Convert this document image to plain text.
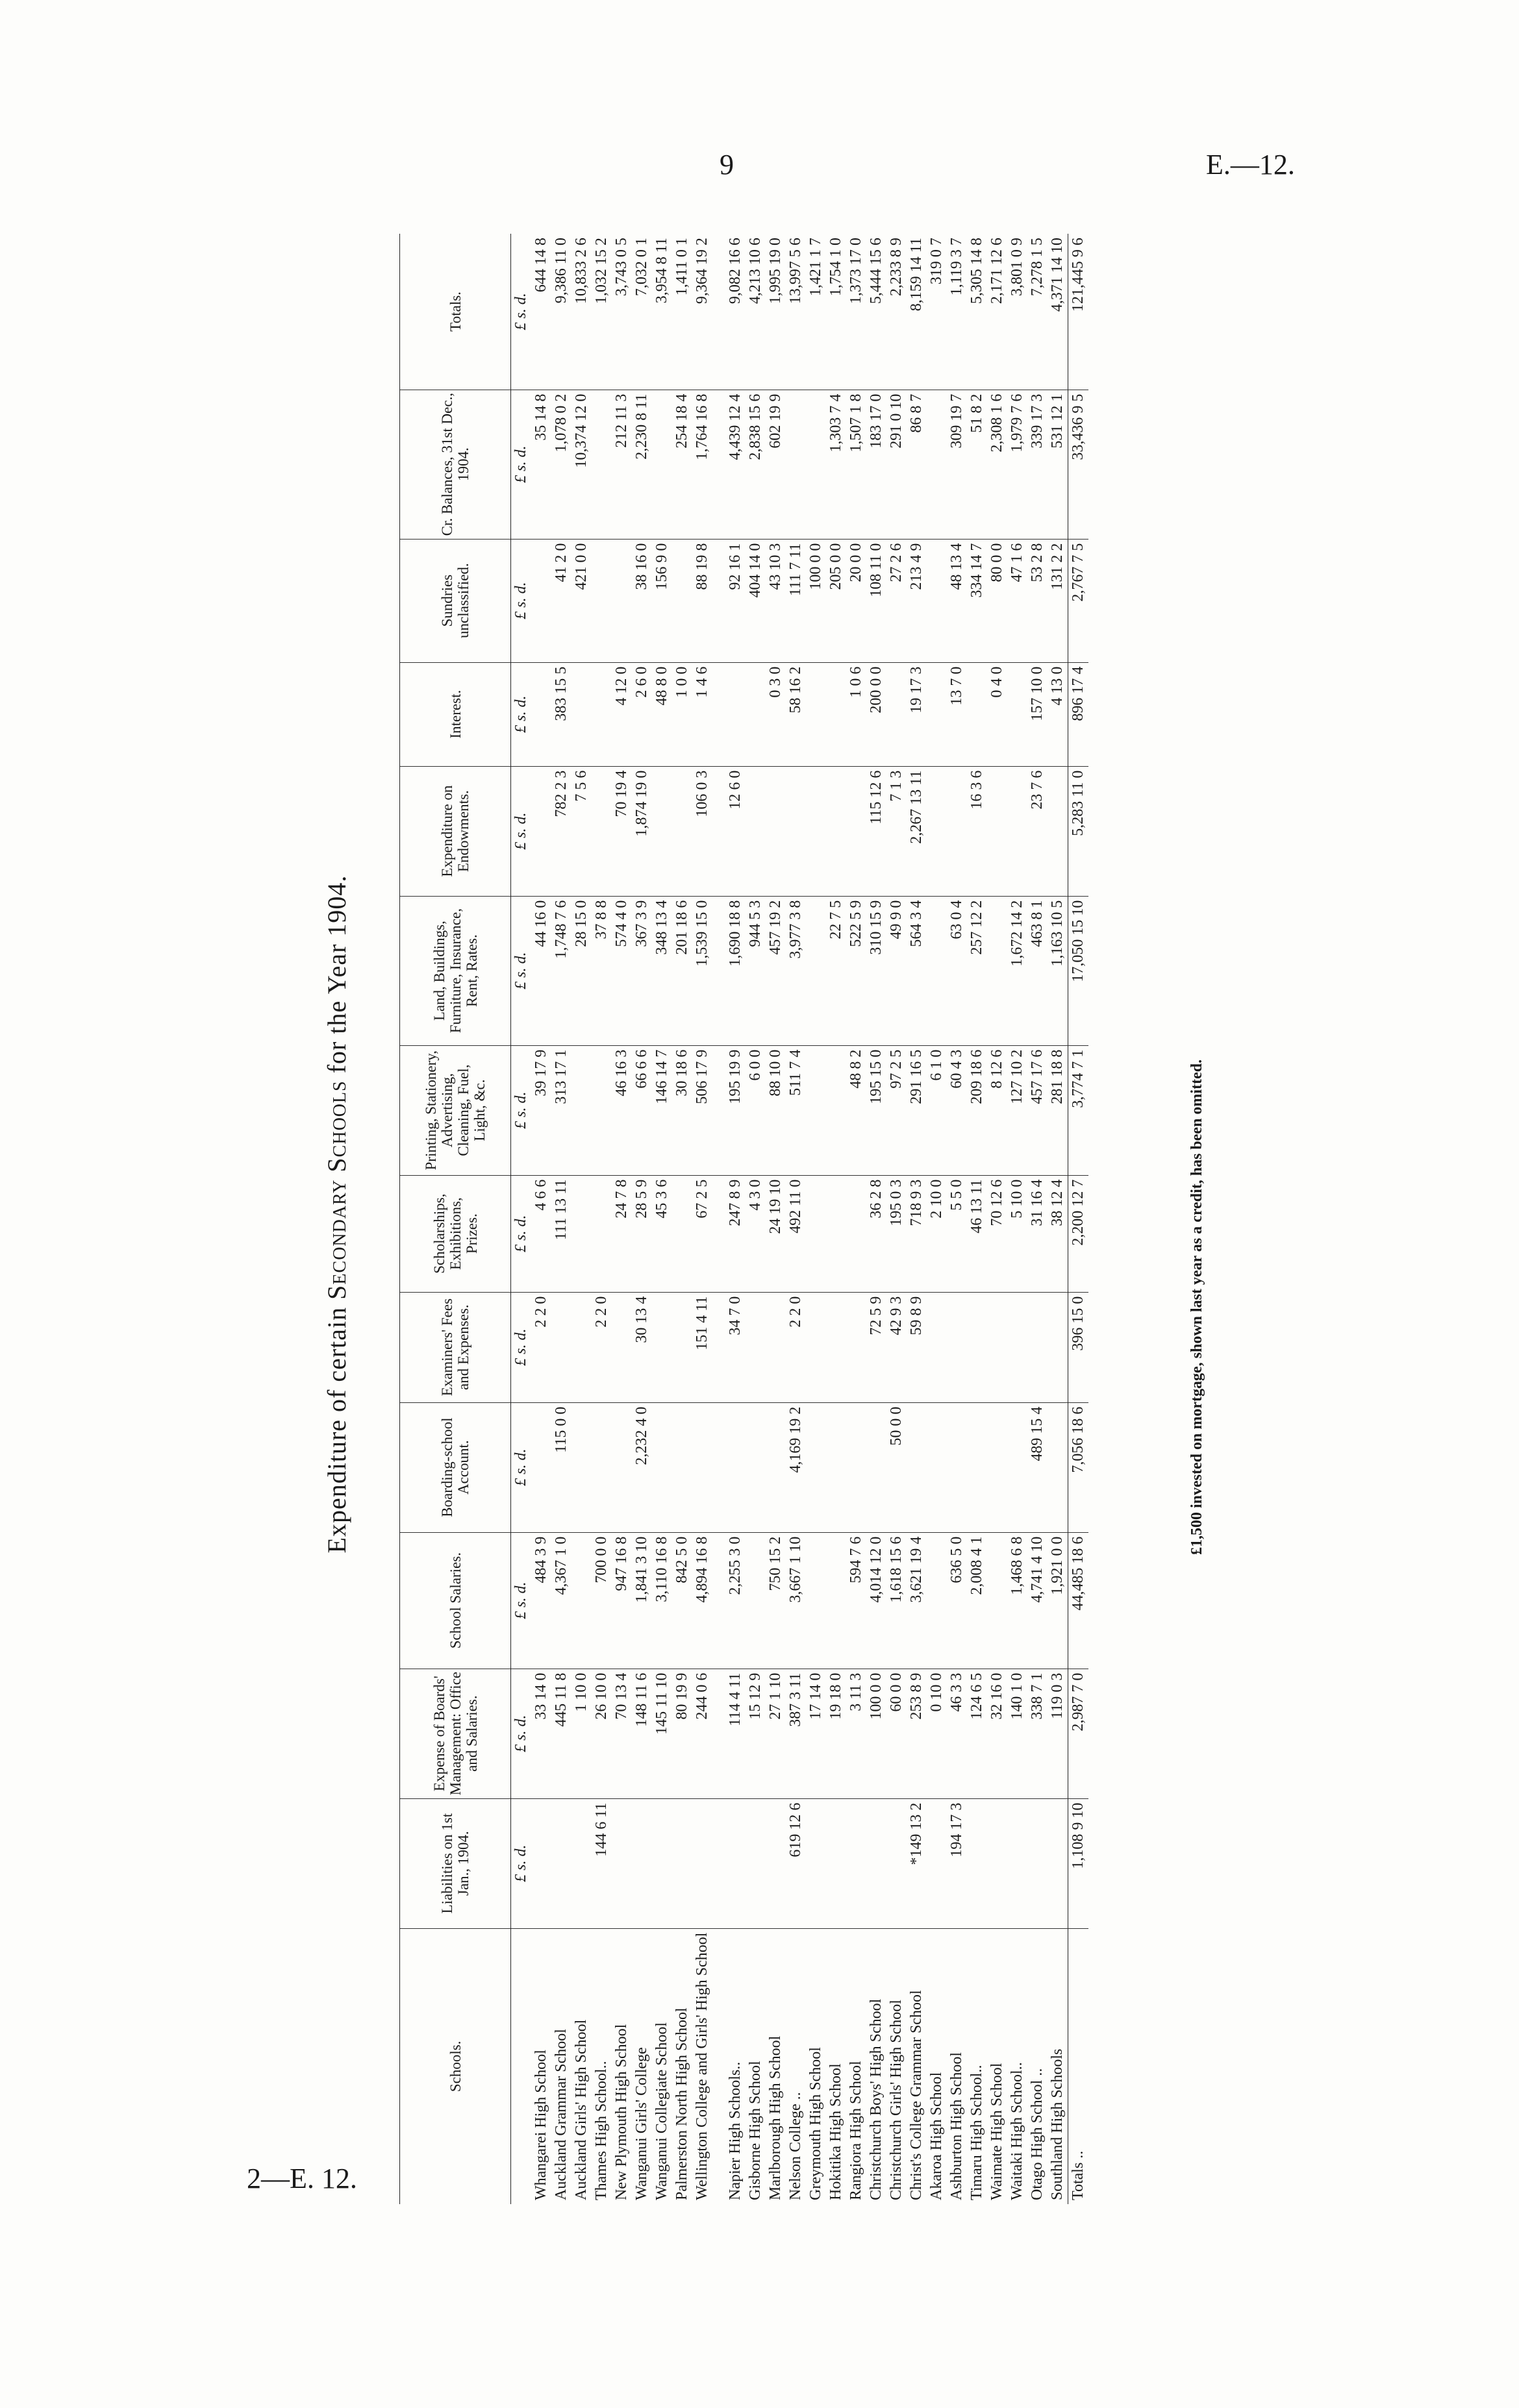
9	E.—12.
2—E. 12.
Expenditure of certain Secondary Schools for the Year 1904.
Schools.	Liabilities on 1st Jan., 1904.	Expense of Boards' Management: Office and Salaries.	School Salaries.	Boarding-school Account.	Examiners' Fees and Expenses.	Scholarships, Exhibitions, Prizes.	Printing, Stationery, Advertising, Cleaning, Fuel, Light, &c.	Land, Buildings, Furniture, Insurance, Rent, Rates.	Expenditure on Endowments.	Interest.	Sundries unclassified.	Cr. Balances, 31st Dec., 1904.	Totals.
	£ s. d.	£ s. d.	£ s. d.	£ s. d.	£ s. d.	£ s. d.	£ s. d.	£ s. d.	£ s. d.	£ s. d.	£ s. d.	£ s. d.	£ s. d.
Whangarei High School		33 14 0	484 3 9		2 2 0	4 6 6	39 17 9	44 16 0				35 14 8	644 14 8
Auckland Grammar School		445 11 8	4,367 1 0	115 0 0		111 13 11	313 17 1	1,748 7 6	782 2 3	383 15 5	41 2 0	1,078 0 2	9,386 11 0
Auckland Girls' High School		1 10 0						28 15 0	7 5 6		421 0 0	10,374 12 0	10,833 2 6
Thames High School..	144 6 11	26 10 0	700 0 0		2 2 0			37 8 8					1,032 15 2
New Plymouth High School		70 13 4	947 16 8			24 7 8	46 16 3	574 4 0	70 19 4	4 12 0		212 11 3	3,743 0 5
Wanganui Girls' College		148 11 6	1,841 3 10	2,232 4 0	30 13 4	28 5 9	66 6 6	367 3 9	1,874 19 0	2 6 0	38 16 0	2,230 8 11	7,032 0 1
Wanganui Collegiate School		145 11 10	3,110 16 8			45 3 6	146 14 7	348 13 4		48 8 0	156 9 0		3,954 8 11
Palmerston North High School		80 19 9	842 5 0				30 18 6	201 18 6		1 0 0		254 18 4	1,411 0 1
Wellington College and Girls' High School		244 0 6	4,894 16 8		151 4 11	67 2 5	506 17 9	1,539 15 0	106 0 3	1 4 6	88 19 8	1,764 16 8	9,364 19 2

Napier High Schools..		114 4 11	2,255 3 0		34 7 0	247 8 9	195 19 9	1,690 18 8	12 6 0		92 16 1	4,439 12 4	9,082 16 6
Gisborne High School		15 12 9				4 3 0	6 0 0	944 5 3			404 14 0	2,838 15 6	4,213 10 6
Marlborough High School		27 1 10	750 15 2			24 19 10	88 10 0	457 19 2		0 3 0	43 10 3	602 19 9	1,995 19 0
Nelson College ..	619 12 6	387 3 11	3,667 1 10	4,169 19 2	2 2 0	492 11 0	511 7 4	3,977 3 8		58 16 2	111 7 11		13,997 5 6
Greymouth High School		17 14 0									100 0 0		1,421 1 7
Hokitika High School		19 18 0						22 7 5			205 0 0	1,303 7 4	1,754 1 0
Rangiora High School		3 11 3	594 7 6				48 8 2	522 5 9		1 0 6	20 0 0	1,507 1 8	1,373 17 0
Christchurch Boys' High School		100 0 0	4,014 12 0		72 5 9	36 2 8	195 15 0	310 15 9	115 12 6	200 0 0	108 11 0	183 17 0	5,444 15 6
Christchurch Girls' High School		60 0 0	1,618 15 6	50 0 0	42 9 3	195 0 3	97 2 5	49 9 0	7 1 3		27 2 6	291 0 10	2,233 8 9
Christ's College Grammar School	*149 13 2	253 8 9	3,621 19 4		59 8 9	718 9 3	291 16 5	564 3 4	2,267 13 11	19 17 3	213 4 9	86 8 7	8,159 14 11
Akaroa High School		0 10 0				2 10 0	6 1 0						319 0 7
Ashburton High School	194 17 3	46 3 3	636 5 0			5 5 0	60 4 3	63 0 4		13 7 0	48 13 4	309 19 7	1,119 3 7
Timaru High School..		124 6 5	2,008 4 1			46 13 11	209 18 6	257 12 2	16 3 6		334 14 7	51 8 2	5,305 14 8
Waimate High School		32 16 0				70 12 6	8 12 6			0 4 0	80 0 0	2,308 1 6	2,171 12 6
Waitaki High School..		140 1 0	1,468 6 8			5 10 0	127 10 2	1,672 14 2			47 1 6	1,979 7 6	3,801 0 9
Otago High School ..		338 7 1	4,741 4 10	489 15 4		31 16 4	457 17 6	463 8 1	23 7 6	157 10 0	53 2 8	339 17 3	7,278 1 5
Southland High Schools		119 0 3	1,921 0 0			38 12 4	281 18 8	1,163 10 5		4 13 0	131 2 2	531 12 1	4,371 14 10
Totals ..	1,108 9 10	2,987 7 0	44,485 18 6	7,056 18 6	396 15 0	2,200 12 7	3,774 7 1	17,050 15 10	5,283 11 0	896 17 4	2,767 7 5	33,436 9 5	121,445 9 6
£1,500 invested on mortgage, shown last year as a credit, has been omitted.
